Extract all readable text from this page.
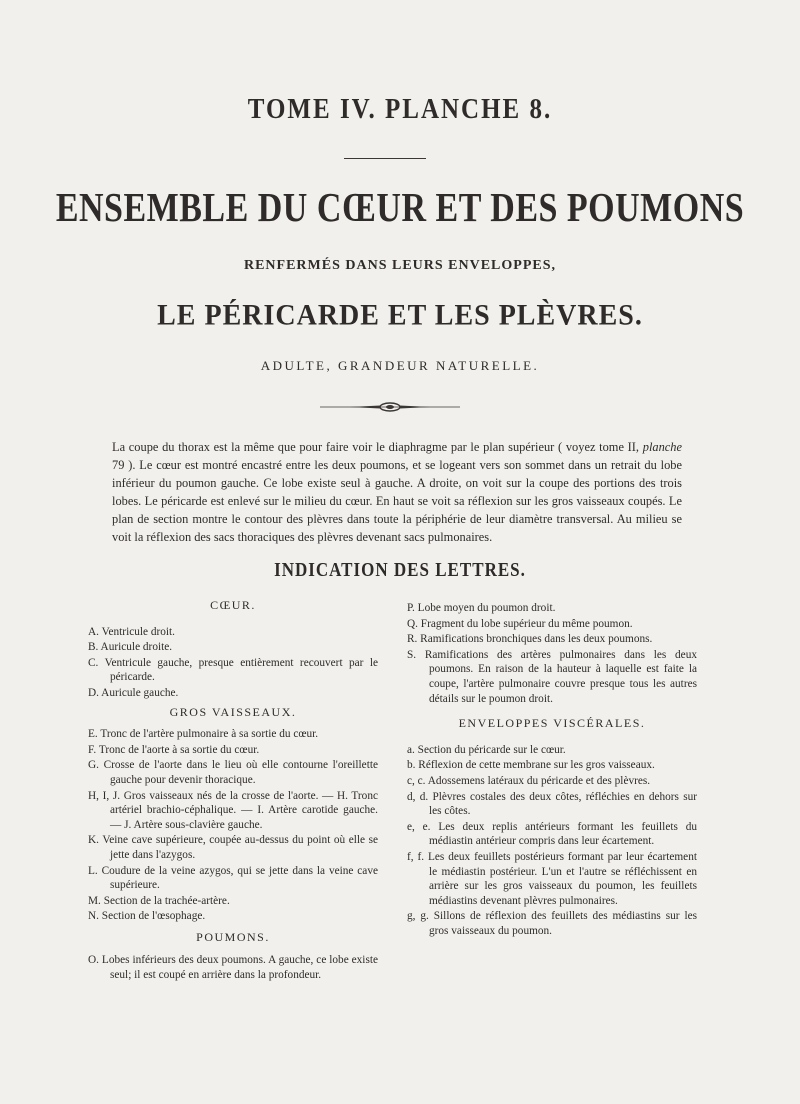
TOME IV. PLANCHE 8.
ENSEMBLE DU CŒUR ET DES POUMONS
RENFERMÉS DANS LEURS ENVELOPPES,
LE PÉRICARDE ET LES PLÈVRES.
ADULTE, GRANDEUR NATURELLE.
La coupe du thorax est la même que pour faire voir le diaphragme par le plan supérieur ( voyez tome II, planche 79 ). Le cœur est montré encastré entre les deux poumons, et se logeant vers son sommet dans un retrait du lobe inférieur du poumon gauche. Ce lobe existe seul à gauche. A droite, on voit sur la coupe des portions des trois lobes. Le péricarde est enlevé sur le milieu du cœur. En haut se voit sa réflexion sur les gros vaisseaux coupés. Le plan de section montre le contour des plèvres dans toute la périphérie de leur diamètre transversal. Au milieu se voit la réflexion des sacs thoraciques des plèvres devenant sacs pulmonaires.
INDICATION DES LETTRES.
CŒUR.
A. Ventricule droit.
B. Auricule droite.
C. Ventricule gauche, presque entièrement recouvert par le péricarde.
D. Auricule gauche.
GROS VAISSEAUX.
E. Tronc de l'artère pulmonaire à sa sortie du cœur.
F. Tronc de l'aorte à sa sortie du cœur.
G. Crosse de l'aorte dans le lieu où elle contourne l'oreillette gauche pour devenir thoracique.
H, I, J. Gros vaisseaux nés de la crosse de l'aorte. — H. Tronc artériel brachio-céphalique. — I. Artère carotide gauche. — J. Artère sous-clavière gauche.
K. Veine cave supérieure, coupée au-dessus du point où elle se jette dans l'azygos.
L. Coudure de la veine azygos, qui se jette dans la veine cave supérieure.
M. Section de la trachée-artère.
N. Section de l'œsophage.
POUMONS.
O. Lobes inférieurs des deux poumons. A gauche, ce lobe existe seul; il est coupé en arrière dans la profondeur.
P. Lobe moyen du poumon droit.
Q. Fragment du lobe supérieur du même poumon.
R. Ramifications bronchiques dans les deux poumons.
S. Ramifications des artères pulmonaires dans les deux poumons. En raison de la hauteur à laquelle est faite la coupe, l'artère pulmonaire couvre presque tous les autres détails sur le poumon droit.
ENVELOPPES VISCÉRALES.
a. Section du péricarde sur le cœur.
b. Réflexion de cette membrane sur les gros vaisseaux.
c, c. Adossemens latéraux du péricarde et des plèvres.
d, d. Plèvres costales des deux côtes, réfléchies en dehors sur les côtes.
e, e. Les deux replis antérieurs formant les feuillets du médiastin antérieur compris dans leur écartement.
f, f. Les deux feuillets postérieurs formant par leur écartement le médiastin postérieur. L'un et l'autre se réfléchissent en arrière sur les gros vaisseaux du poumon, les feuillets médiastins devenant plèvres pulmonaires.
g, g. Sillons de réflexion des feuillets des médiastins sur les gros vaisseaux du poumon.
